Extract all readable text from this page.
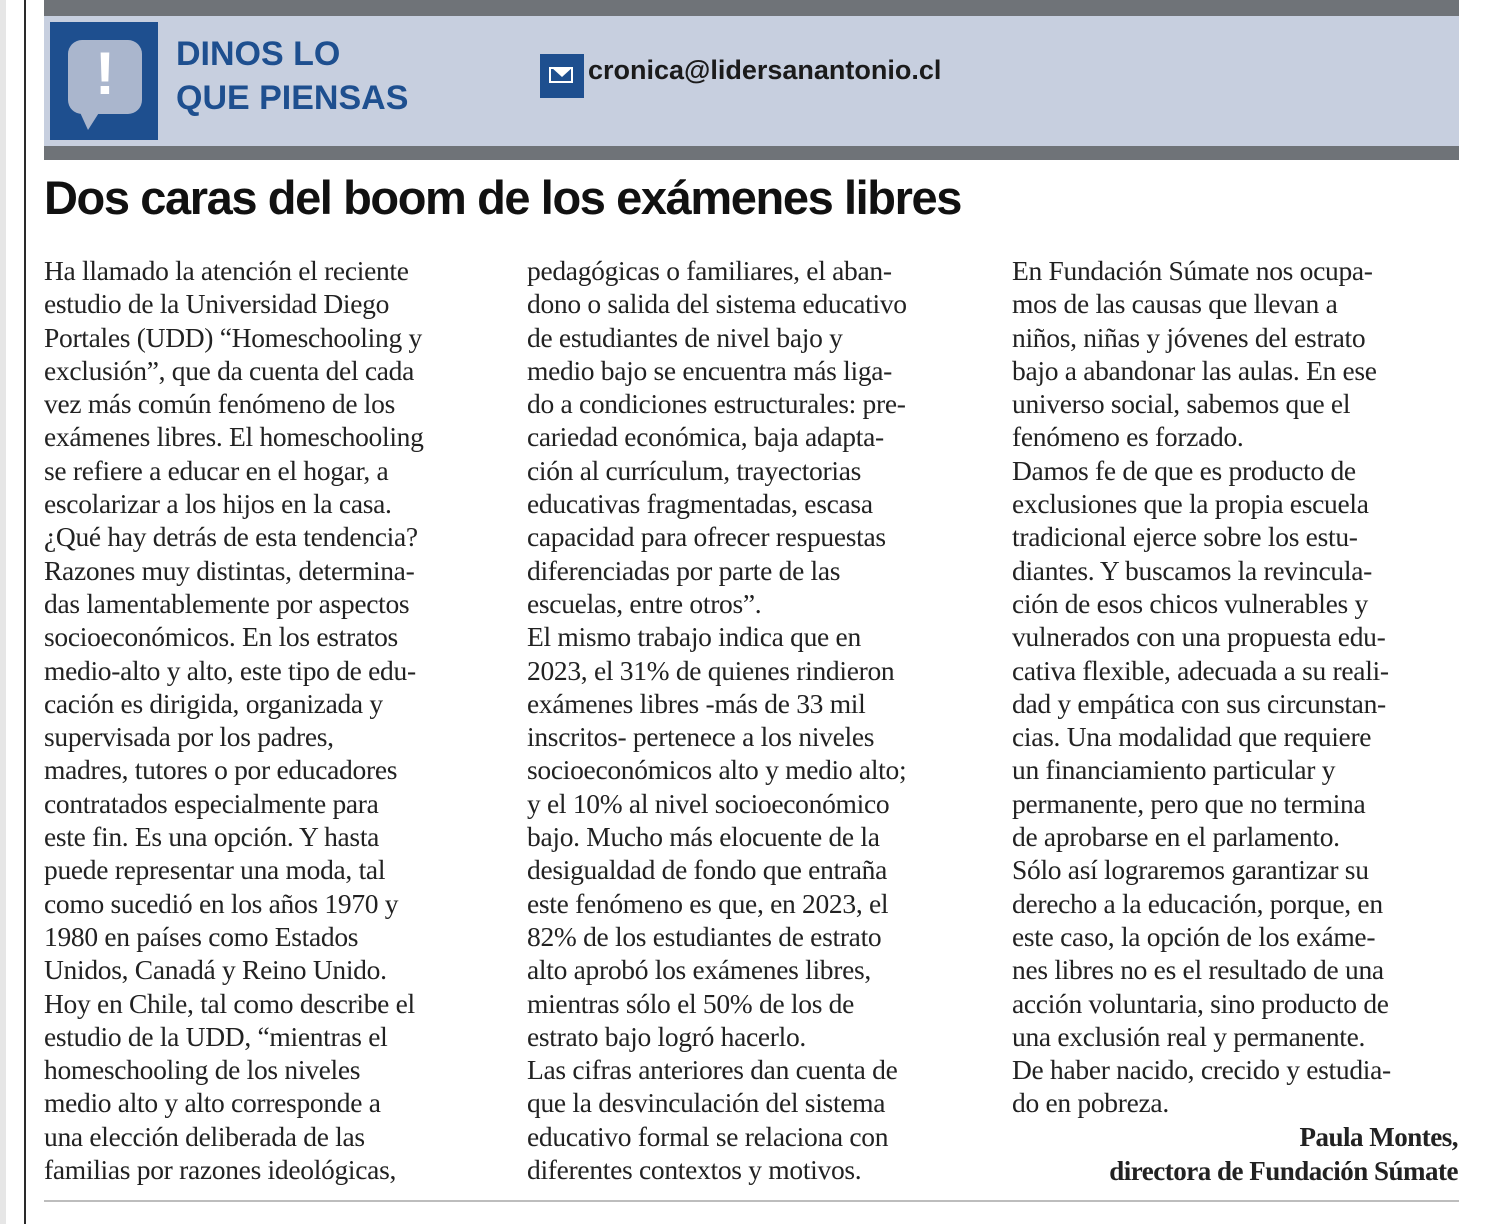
!	DINOS LO
QUE PIENSAS
cronica@lidersanantonio.cl
Dos caras del boom de los exámenes libres
Ha llamado la atención el reciente
estudio de la Universidad Diego
Portales (UDD) “Homeschooling y
exclusión”, que da cuenta del cada
vez más común fenómeno de los
exámenes libres. El homeschooling
se refiere a educar en el hogar, a
escolarizar a los hijos en la casa.
¿Qué hay detrás de esta tendencia?
Razones muy distintas, determina-
das lamentablemente por aspectos
socioeconómicos. En los estratos
medio-alto y alto, este tipo de edu-
cación es dirigida, organizada y
supervisada por los padres,
madres, tutores o por educadores
contratados especialmente para
este fin. Es una opción. Y hasta
puede representar una moda, tal
como sucedió en los años 1970 y
1980 en países como Estados
Unidos, Canadá y Reino Unido.
Hoy en Chile, tal como describe el
estudio de la UDD, “mientras el
homeschooling de los niveles
medio alto y alto corresponde a
una elección deliberada de las
familias por razones ideológicas,
pedagógicas o familiares, el aban-
dono o salida del sistema educativo
de estudiantes de nivel bajo y
medio bajo se encuentra más liga-
do a condiciones estructurales: pre-
cariedad económica, baja adapta-
ción al currículum, trayectorias
educativas fragmentadas, escasa
capacidad para ofrecer respuestas
diferenciadas por parte de las
escuelas, entre otros”.
El mismo trabajo indica que en
2023, el 31% de quienes rindieron
exámenes libres -más de 33 mil
inscritos- pertenece a los niveles
socioeconómicos alto y medio alto;
y el 10% al nivel socioeconómico
bajo. Mucho más elocuente de la
desigualdad de fondo que entraña
este fenómeno es que, en 2023, el
82% de los estudiantes de estrato
alto aprobó los exámenes libres,
mientras sólo el 50% de los de
estrato bajo logró hacerlo.
Las cifras anteriores dan cuenta de
que la desvinculación del sistema
educativo formal se relaciona con
diferentes contextos y motivos.
En Fundación Súmate nos ocupa-
mos de las causas que llevan a
niños, niñas y jóvenes del estrato
bajo a abandonar las aulas. En ese
universo social, sabemos que el
fenómeno es forzado.
Damos fe de que es producto de
exclusiones que la propia escuela
tradicional ejerce sobre los estu-
diantes. Y buscamos la revincula-
ción de esos chicos vulnerables y
vulnerados con una propuesta edu-
cativa flexible, adecuada a su reali-
dad y empática con sus circunstan-
cias. Una modalidad que requiere
un financiamiento particular y
permanente, pero que no termina
de aprobarse en el parlamento.
Sólo así lograremos garantizar su
derecho a la educación, porque, en
este caso, la opción de los exáme-
nes libres no es el resultado de una
acción voluntaria, sino producto de
una exclusión real y permanente.
De haber nacido, crecido y estudia-
do en pobreza.
Paula Montes,
directora de Fundación Súmate
